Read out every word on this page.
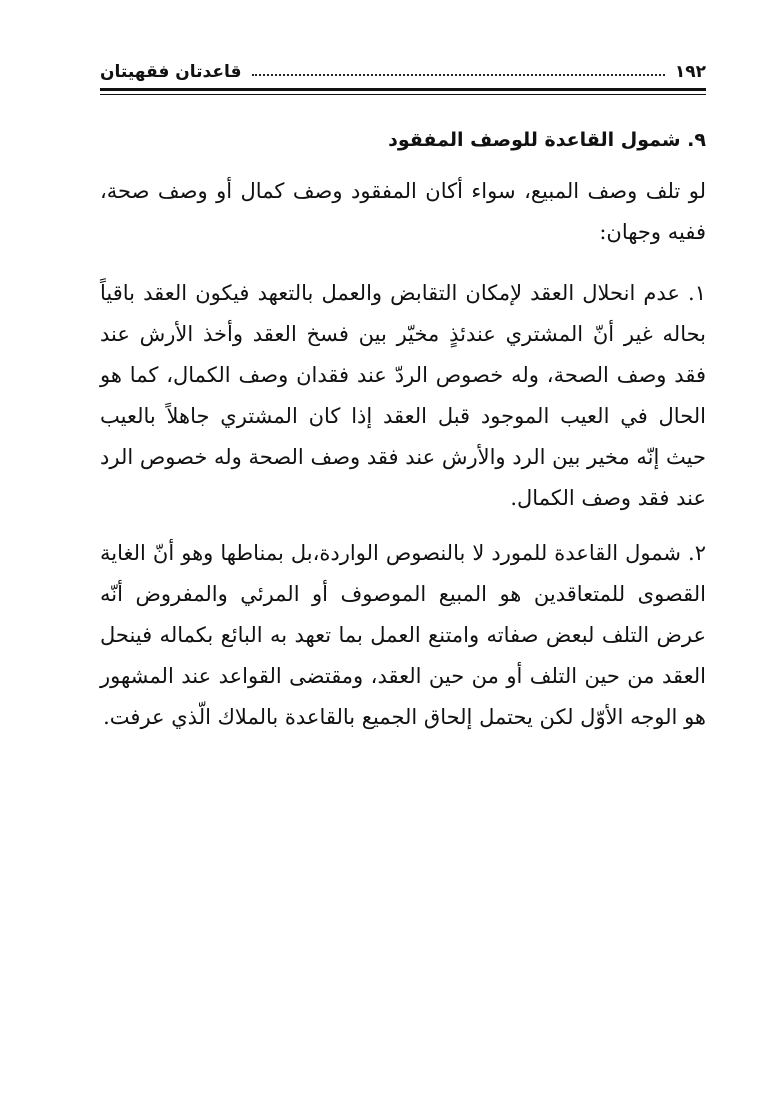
١٩٢
قاعدتان فقهيتان
٩. شمول القاعدة للوصف المفقود

لو تلف وصف المبيع، سواء أكان المفقود وصف كمال أو وصف صحة، ففيه وجهان:

١. عدم انحلال العقد لإمكان التقابض والعمل بالتعهد فيكون العقد باقياً بحاله غير أنّ المشتري عندئذٍ مخيّر بين فسخ العقد وأخذ الأرش عند فقد وصف الصحة، وله خصوص الردّ عند فقدان وصف الكمال، كما هو الحال في العيب الموجود قبل العقد إذا كان المشتري جاهلاً بالعيب حيث إنّه مخير بين الرد والأرش عند فقد وصف الصحة وله خصوص الرد عند فقد وصف الكمال.

٢. شمول القاعدة للمورد لا بالنصوص الواردة،بل بمناطها وهو أنّ الغاية القصوى للمتعاقدين هو المبيع الموصوف أو المرئي والمفروض أنّه عرض التلف لبعض صفاته وامتنع العمل بما تعهد به البائع بكماله فينحل العقد من حين التلف أو من حين العقد، ومقتضى القواعد عند المشهور هو الوجه الأوّل لكن يحتمل إلحاق الجميع بالقاعدة بالملاك الّذي عرفت.
